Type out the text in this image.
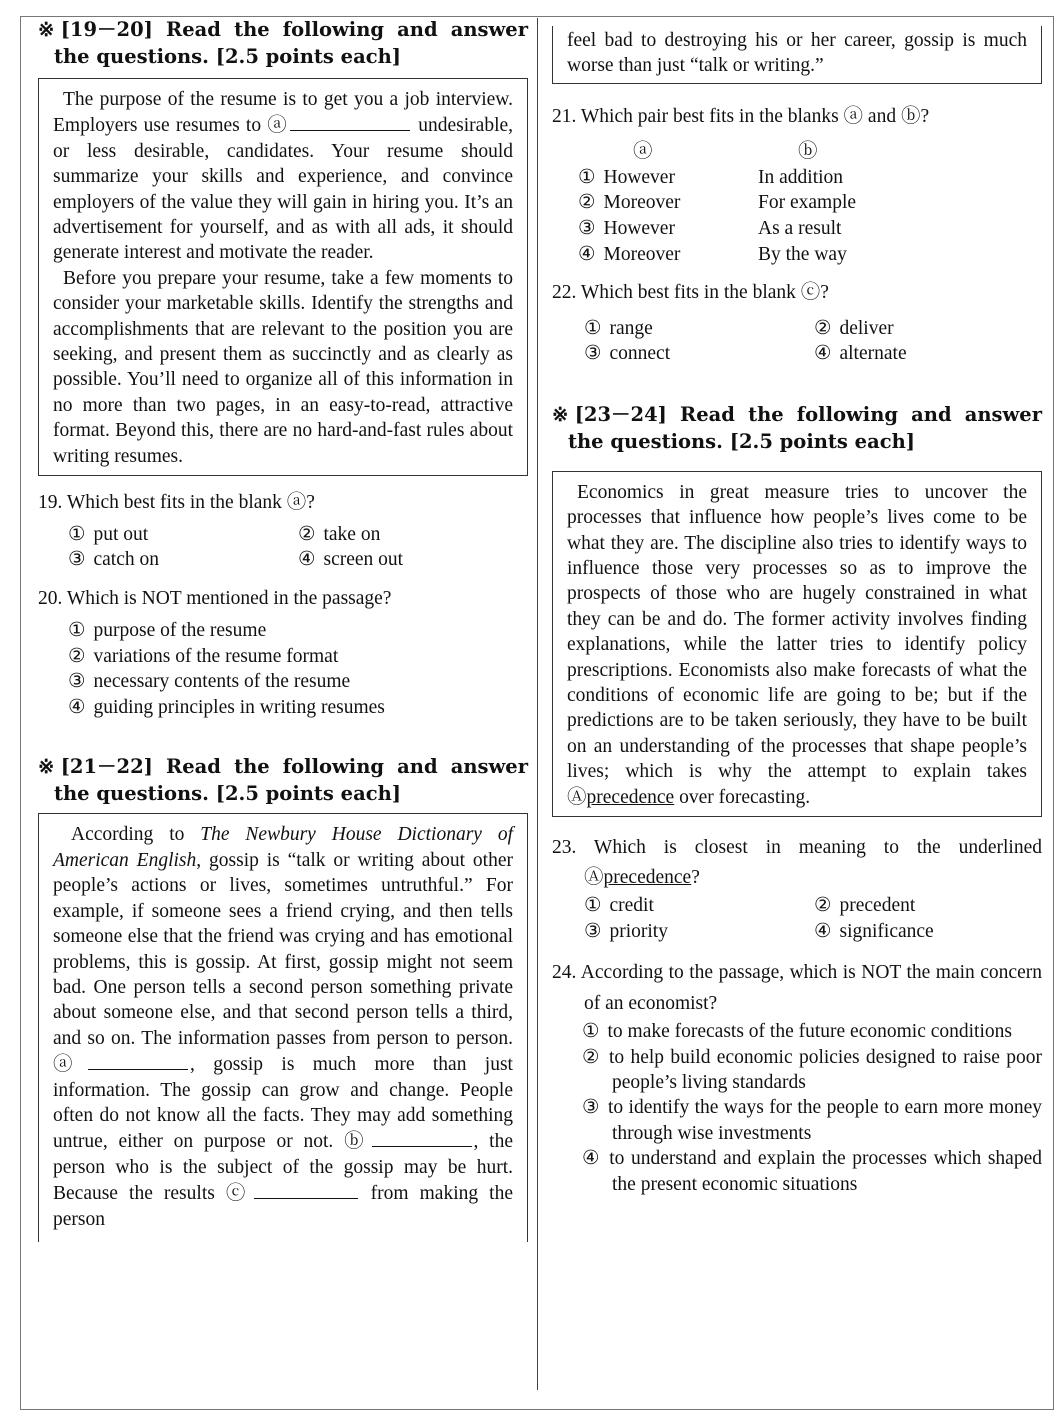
※[19－20] Read the following and answer the questions. [2.5 points each]

The purpose of the resume is to get you a job interview. Employers use resumes to ⓐ	undesirable, or less desirable, candidates. Your resume should summarize your skills and experience, and convince employers of the value they will gain in hiring you. It’s an advertisement for yourself, and as with all ads, it should generate interest and motivate the reader.

Before you prepare your resume, take a few moments to consider your marketable skills. Identify the strengths and accomplishments that are relevant to the position you are seeking, and present them as succinctly and as clearly as possible. You’ll need to organize all of this information in no more than two pages, in an easy-to-read, attractive format. Beyond this, there are no hard-and-fast rules about writing resumes.

19. Which best fits in the blank ⓐ?
① put out	② take on
③ catch on	④ screen out
20. Which is NOT mentioned in the passage?
① purpose of the resume
② variations of the resume format
③ necessary contents of the resume
④ guiding principles in writing resumes
※[21－22] Read the following and answer the questions. [2.5 points each]

According to The Newbury House Dictionary of American English, gossip is “talk or writing about other people’s actions or lives, sometimes untruthful.” For example, if someone sees a friend crying, and then tells someone else that the friend was crying and has emotional problems, this is gossip. At first, gossip might not seem bad. One person tells a second person something private about someone else, and that second person tells a third, and so on. The information passes from person to person. ⓐ	, gossip is much more than just information. The gossip can grow and change. People often do not know all the facts. They may add something untrue, either on purpose or not. ⓑ	, the person who is the subject of the gossip may be hurt. Because the results ⓒ	from making the person

feel bad to destroying his or her career, gossip is much worse than just “talk or writing.”

21. Which pair best fits in the blanks ⓐ and ⓑ?
ⓐ	ⓑ
① However	In addition
② Moreover	For example
③ However	As a result
④ Moreover	By the way
22. Which best fits in the blank ⓒ?
① range	② deliver
③ connect	④ alternate
※[23－24] Read the following and answer the questions. [2.5 points each]

Economics in great measure tries to uncover the processes that influence how people’s lives come to be what they are. The discipline also tries to identify ways to influence those very processes so as to improve the prospects of those who are hugely constrained in what they can be and do. The former activity involves finding explanations, while the latter tries to identify policy prescriptions. Economists also make forecasts of what the conditions of economic life are going to be; but if the predictions are to be taken seriously, they have to be built on an understanding of the processes that shape people’s lives; which is why the attempt to explain takes Ⓐprecedence over forecasting.

23. Which is closest in meaning to the underlined Ⓐprecedence?
① credit	② precedent
③ priority	④ significance
24. According to the passage, which is NOT the main concern of an economist?
① to make forecasts of the future economic conditions
② to help build economic policies designed to raise poor people’s living standards
③ to identify the ways for the people to earn more money through wise investments
④ to understand and explain the processes which shaped the present economic situations
